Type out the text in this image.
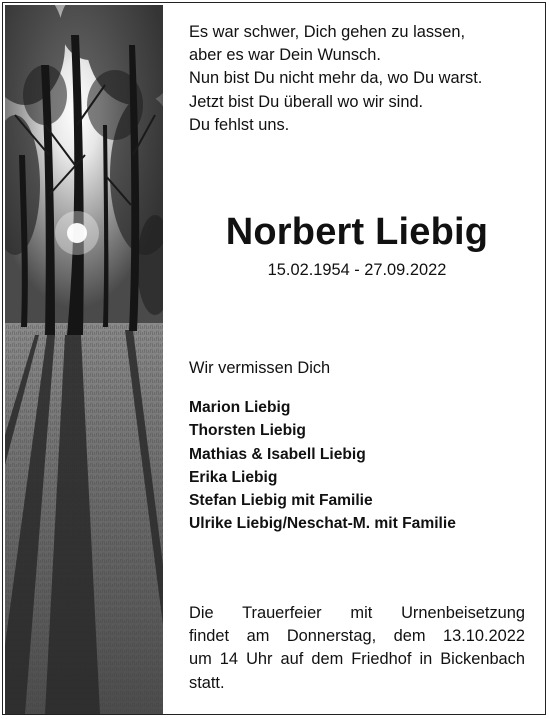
Es war schwer, Dich gehen zu lassen,
aber es war Dein Wunsch.
Nun bist Du nicht mehr da, wo Du warst.
Jetzt bist Du überall wo wir sind.
Du fehlst uns.
Norbert Liebig
15.02.1954 - 27.09.2022
Wir vermissen Dich
Marion Liebig
Thorsten Liebig
Mathias & Isabell Liebig
Erika Liebig
Stefan Liebig mit Familie
Ulrike Liebig/Neschat-M. mit Familie
Die Trauerfeier mit Urnenbeisetzung
findet am Donnerstag, dem 13.10.2022
um 14 Uhr auf dem Friedhof in Bickenbach
statt.
